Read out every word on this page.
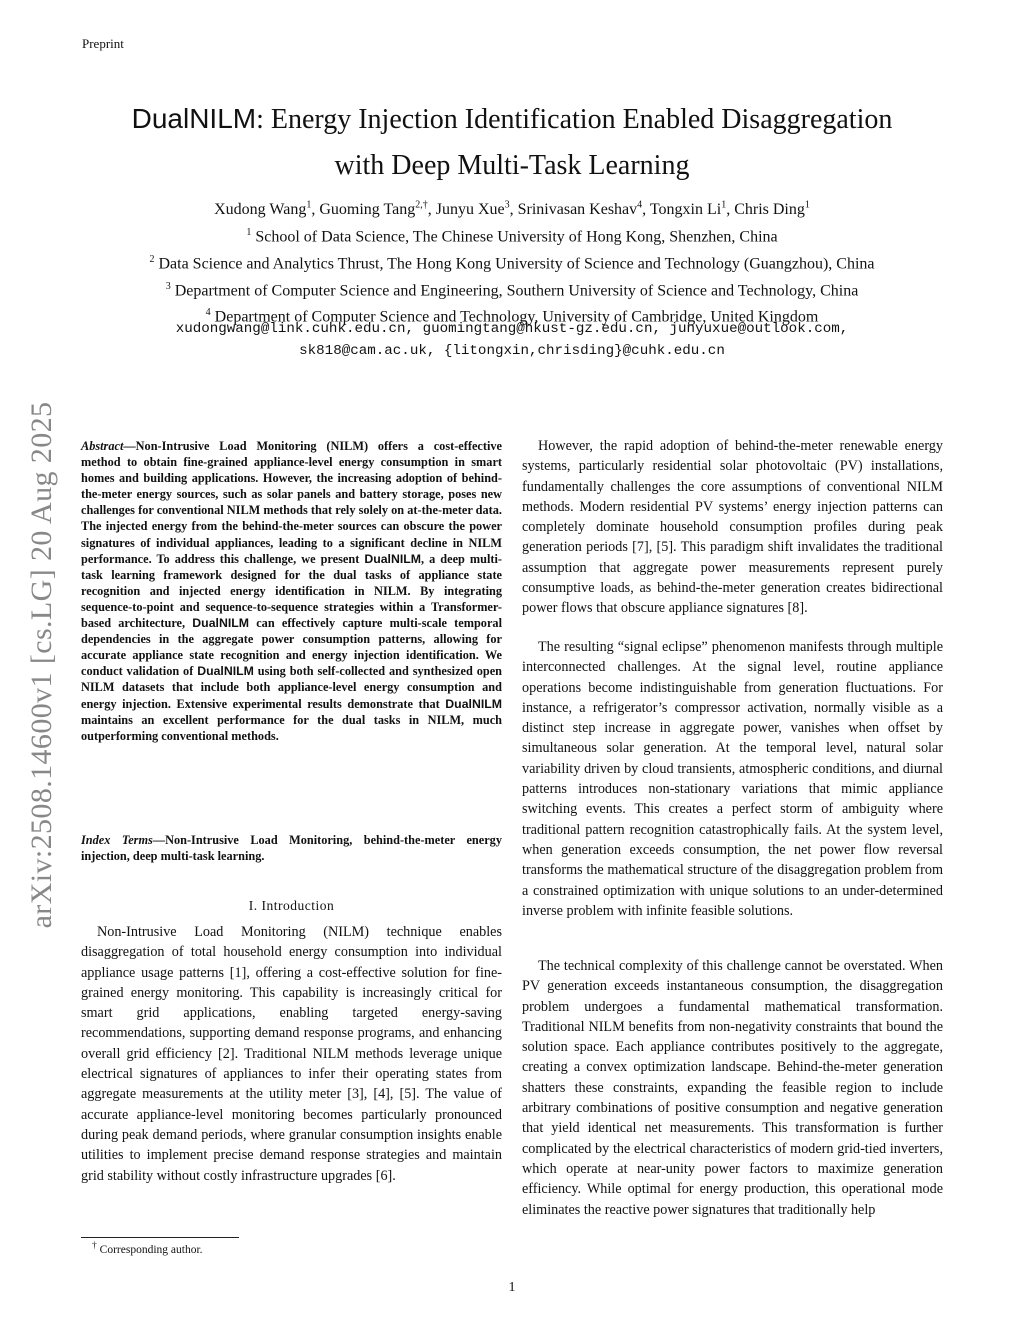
Preprint
arXiv:2508.14600v1 [cs.LG] 20 Aug 2025
DualNILM: Energy Injection Identification Enabled Disaggregation
with Deep Multi-Task Learning
Xudong Wang$^1$, Guoming Tang$^{2,\dagger}$, Junyu Xue$^3$, Srinivasan Keshav$^4$, Tongxin Li$^1$, Chris Ding$^1$
$^1$ School of Data Science, The Chinese University of Hong Kong, Shenzhen, China
$^2$ Data Science and Analytics Thrust, The Hong Kong University of Science and Technology (Guangzhou), China
$^3$ Department of Computer Science and Engineering, Southern University of Science and Technology, China
$^4$ Department of Computer Science and Technology, University of Cambridge, United Kingdom
xudongwang@link.cuhk.edu.cn, guomingtang@hkust-gz.edu.cn, junyuxue@outlook.com,
sk818@cam.ac.uk, {litongxin,chrisding}@cuhk.edu.cn
Abstract—Non-Intrusive Load Monitoring (NILM) offers a cost-effective method to obtain fine-grained appliance-level energy consumption in smart homes and building applications. However, the increasing adoption of behind-the-meter energy sources, such as solar panels and battery storage, poses new challenges for conventional NILM methods that rely solely on at-the-meter data. The injected energy from the behind-the-meter sources can obscure the power signatures of individual appliances, leading to a significant decline in NILM performance. To address this challenge, we present DualNILM, a deep multi-task learning framework designed for the dual tasks of appliance state recognition and injected energy identification in NILM. By integrating sequence-to-point and sequence-to-sequence strategies within a Transformer-based architecture, DualNILM can effectively capture multi-scale temporal dependencies in the aggregate power consumption patterns, allowing for accurate appliance state recognition and energy injection identification. We conduct validation of DualNILM using both self-collected and synthesized open NILM datasets that include both appliance-level energy consumption and energy injection. Extensive experimental results demonstrate that DualNILM maintains an excellent performance for the dual tasks in NILM, much outperforming conventional methods.
Index Terms—Non-Intrusive Load Monitoring, behind-the-meter energy injection, deep multi-task learning.
I. Introduction

Non-Intrusive Load Monitoring (NILM) technique enables disaggregation of total household energy consumption into individual appliance usage patterns [1], offering a cost-effective solution for fine-grained energy monitoring. This capability is increasingly critical for smart grid applications, enabling targeted energy-saving recommendations, supporting demand response programs, and enhancing overall grid efficiency [2]. Traditional NILM methods leverage unique electrical signatures of appliances to infer their operating states from aggregate measurements at the utility meter [3], [4], [5]. The value of accurate appliance-level monitoring becomes particularly pronounced during peak demand periods, where granular consumption insights enable utilities to implement precise demand response strategies and maintain grid stability without costly infrastructure upgrades [6].

However, the rapid adoption of behind-the-meter renewable energy systems, particularly residential solar photovoltaic (PV) installations, fundamentally challenges the core assumptions of conventional NILM methods. Modern residential PV systems’ energy injection patterns can completely dominate household consumption profiles during peak generation periods [7], [5]. This paradigm shift invalidates the traditional assumption that aggregate power measurements represent purely consumptive loads, as behind-the-meter generation creates bidirectional power flows that obscure appliance signatures [8].

The resulting “signal eclipse” phenomenon manifests through multiple interconnected challenges. At the signal level, routine appliance operations become indistinguishable from generation fluctuations. For instance, a refrigerator’s compressor activation, normally visible as a distinct step increase in aggregate power, vanishes when offset by simultaneous solar generation. At the temporal level, natural solar variability driven by cloud transients, atmospheric conditions, and diurnal patterns introduces non-stationary variations that mimic appliance switching events. This creates a perfect storm of ambiguity where traditional pattern recognition catastrophically fails. At the system level, when generation exceeds consumption, the net power flow reversal transforms the mathematical structure of the disaggregation problem from a constrained optimization with unique solutions to an under-determined inverse problem with infinite feasible solutions.

The technical complexity of this challenge cannot be overstated. When PV generation exceeds instantaneous consumption, the disaggregation problem undergoes a fundamental mathematical transformation. Traditional NILM benefits from non-negativity constraints that bound the solution space. Each appliance contributes positively to the aggregate, creating a convex optimization landscape. Behind-the-meter generation shatters these constraints, expanding the feasible region to include arbitrary combinations of positive consumption and negative generation that yield identical net measurements. This transformation is further complicated by the electrical characteristics of modern grid-tied inverters, which operate at near-unity power factors to maximize generation efficiency. While optimal for energy production, this operational mode eliminates the reactive power signatures that traditionally help

† Corresponding author.
1
